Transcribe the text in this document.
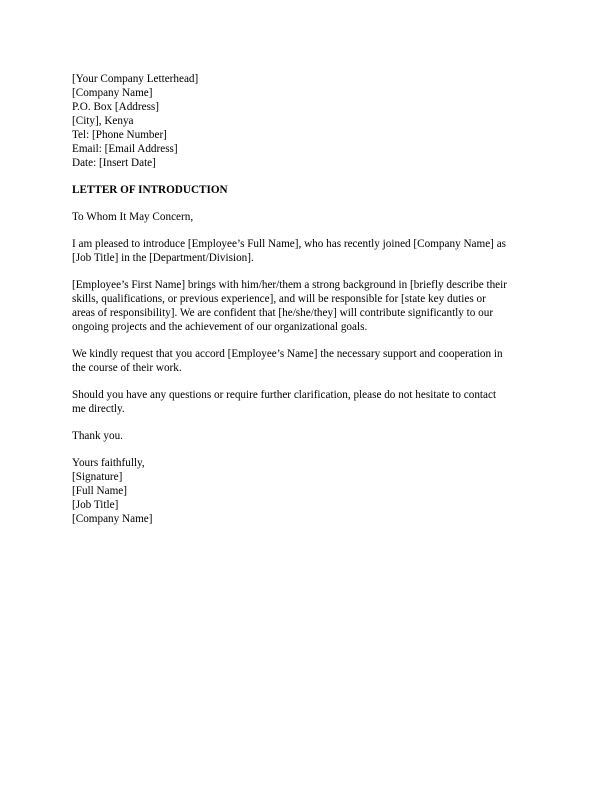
[Your Company Letterhead]
[Company Name]
P.O. Box [Address]
[City], Kenya
Tel: [Phone Number]
Email: [Email Address]
Date: [Insert Date]
LETTER OF INTRODUCTION
To Whom It May Concern,
I am pleased to introduce [Employee’s Full Name], who has recently joined [Company Name] as
[Job Title] in the [Department/Division].
[Employee’s First Name] brings with him/her/them a strong background in [briefly describe their
skills, qualifications, or previous experience], and will be responsible for [state key duties or
areas of responsibility]. We are confident that [he/she/they] will contribute significantly to our
ongoing projects and the achievement of our organizational goals.
We kindly request that you accord [Employee’s Name] the necessary support and cooperation in
the course of their work.
Should you have any questions or require further clarification, please do not hesitate to contact
me directly.
Thank you.
Yours faithfully,
[Signature]
[Full Name]
[Job Title]
[Company Name]
